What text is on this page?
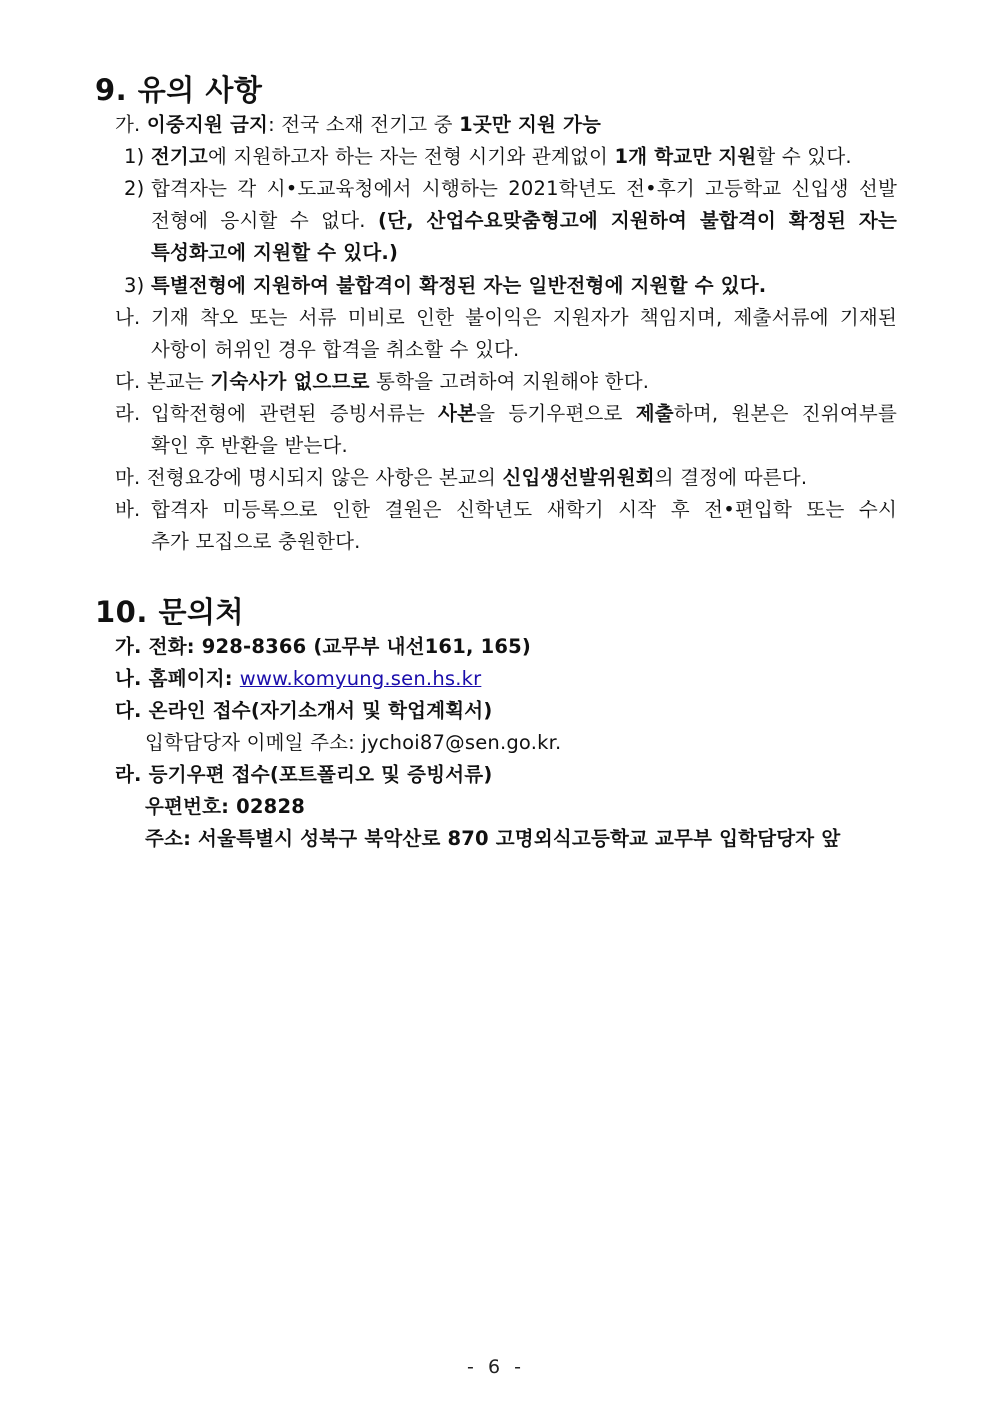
9. 유의 사항
가. 이중지원 금지: 전국 소재 전기고 중 1곳만 지원 가능
1) 전기고에 지원하고자 하는 자는 전형 시기와 관계없이 1개 학교만 지원할 수 있다.
2) 합격자는 각 시•도교육청에서 시행하는 2021학년도 전•후기 고등학교 신입생 선발
전형에 응시할 수 없다. (단, 산업수요맞춤형고에 지원하여 불합격이 확정된 자는
특성화고에 지원할 수 있다.)
3) 특별전형에 지원하여 불합격이 확정된 자는 일반전형에 지원할 수 있다.
나. 기재 착오 또는 서류 미비로 인한 불이익은 지원자가 책임지며, 제출서류에 기재된
사항이 허위인 경우 합격을 취소할 수 있다.
다. 본교는 기숙사가 없으므로 통학을 고려하여 지원해야 한다.
라. 입학전형에 관련된 증빙서류는 사본을 등기우편으로 제출하며, 원본은 진위여부를
확인 후 반환을 받는다.
마. 전형요강에 명시되지 않은 사항은 본교의 신입생선발위원회의 결정에 따른다.
바. 합격자 미등록으로 인한 결원은 신학년도 새학기 시작 후 전•편입학 또는 수시
추가 모집으로 충원한다.
10. 문의처
가. 전화: 928-8366 (교무부 내선161, 165)
나. 홈페이지: www.komyung.sen.hs.kr
다. 온라인 접수(자기소개서 및 학업계획서)
입학담당자 이메일 주소: jychoi87@sen.go.kr.
라. 등기우편 접수(포트폴리오 및 증빙서류)
우편번호: 02828
주소: 서울특별시 성북구 북악산로 870 고명외식고등학교 교무부 입학담당자 앞
- 6 -
